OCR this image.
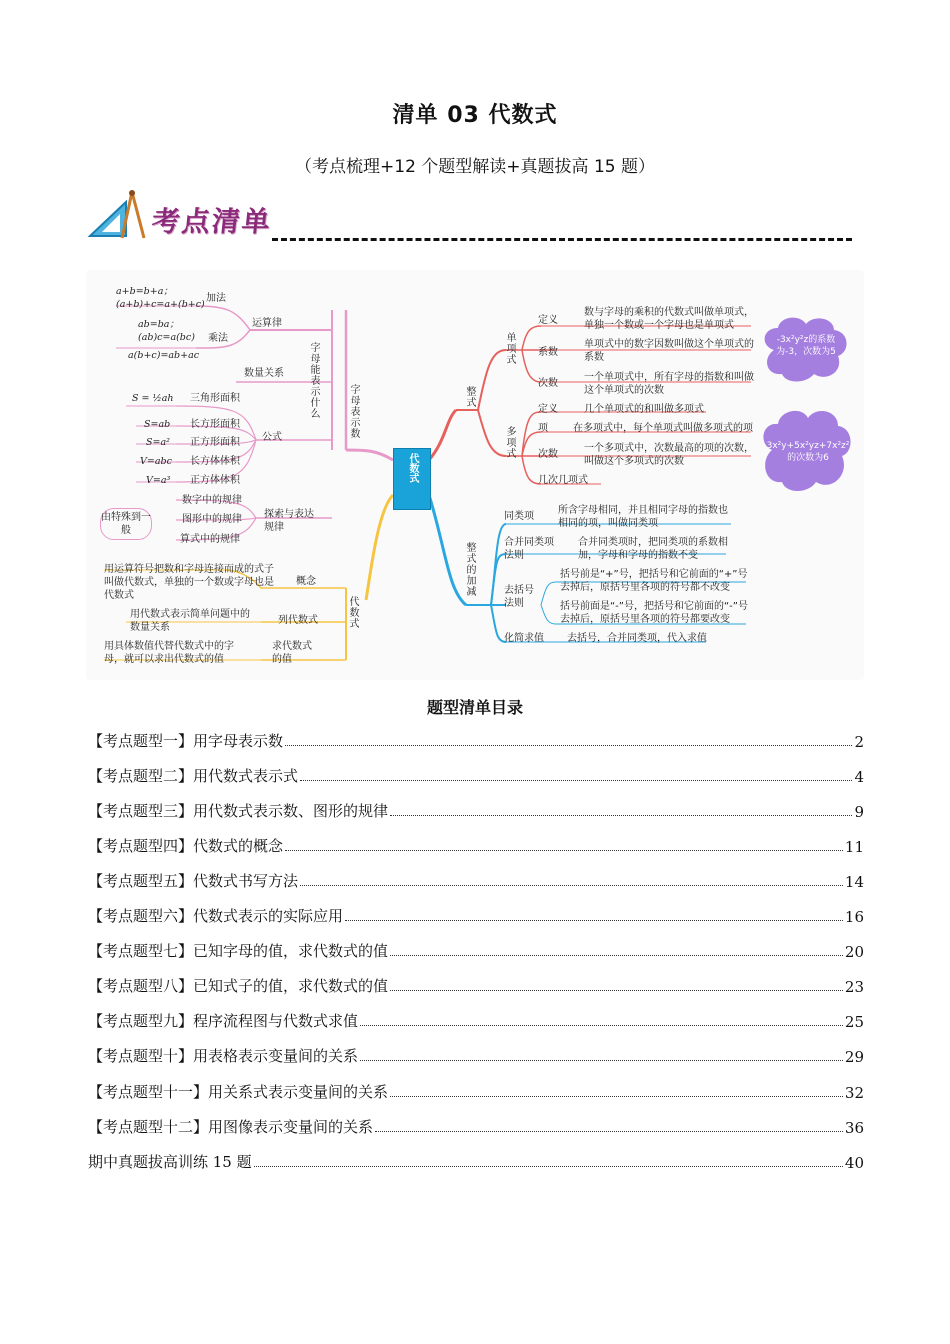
清单 03 代数式
（考点梳理+12 个题型解读+真题拔高 15 题）
考点清单
字母能表示什么	字母表示数
运算律
加法
a+b=b+a；
(a+b)+c=a+(b+c)
乘法
ab=ba；
(ab)c=a(bc)
a(b+c)=ab+ac
数量关系
公式
S = ½ah 三角形面积
S=ab 长方形面积
S=a² 正方形面积
V=abc 长方体体积
V=a³ 正方体体积
探索与表达规律
数字中的规律
图形中的规律
算式中的规律
由特殊到一般
代数式
概念
用运算符号把数和字母连接而成的式子叫做代数式，单独的一个数或字母也是代数式
列代数式
用代数式表示简单问题中的数量关系
求代数式的值
用具体数值代替代数式中的字母，就可以求出代数式的值
代数式
整式
单项式
定义
数与字母的乘积的代数式叫做单项式，单独一个数或一个字母也是单项式
系数
单项式中的数字因数叫做这个单项式的系数
次数
一个单项式中，所有字母的指数和叫做这个单项式的次数
多项式
定义	几个单项式的和叫做多项式
项	在多项式中，每个单项式叫做多项式的项
次数
一个多项式中，次数最高的项的次数，叫做这个多项式的次数
几次几项式
-3x²y²z的系数为-3，次数为5
3x²y+5x²yz+7x²z²的次数为6
整式的加减
同类项
所含字母相同，并且相同字母的指数也相同的项，叫做同类项
合并同类项法则
合并同类项时，把同类项的系数相加，字母和字母的指数不变
去括号法则
括号前是“+”号，把括号和它前面的“+”号去掉后，原括号里各项的符号都不改变
括号前面是“-”号，把括号和它前面的“-”号去掉后，原括号里各项的符号都要改变
化简求值 去括号，合并同类项，代入求值
题型清单目录
【考点题型一】用字母表示数	2
【考点题型二】用代数式表示式	4
【考点题型三】用代数式表示数、图形的规律	9
【考点题型四】代数式的概念	11
【考点题型五】代数式书写方法	14
【考点题型六】代数式表示的实际应用	16
【考点题型七】已知字母的值，求代数式的值	20
【考点题型八】已知式子的值，求代数式的值	23
【考点题型九】程序流程图与代数式求值	25
【考点题型十】用表格表示变量间的关系	29
【考点题型十一】用关系式表示变量间的关系	32
【考点题型十二】用图像表示变量间的关系	36
期中真题拔高训练 15 题	40
